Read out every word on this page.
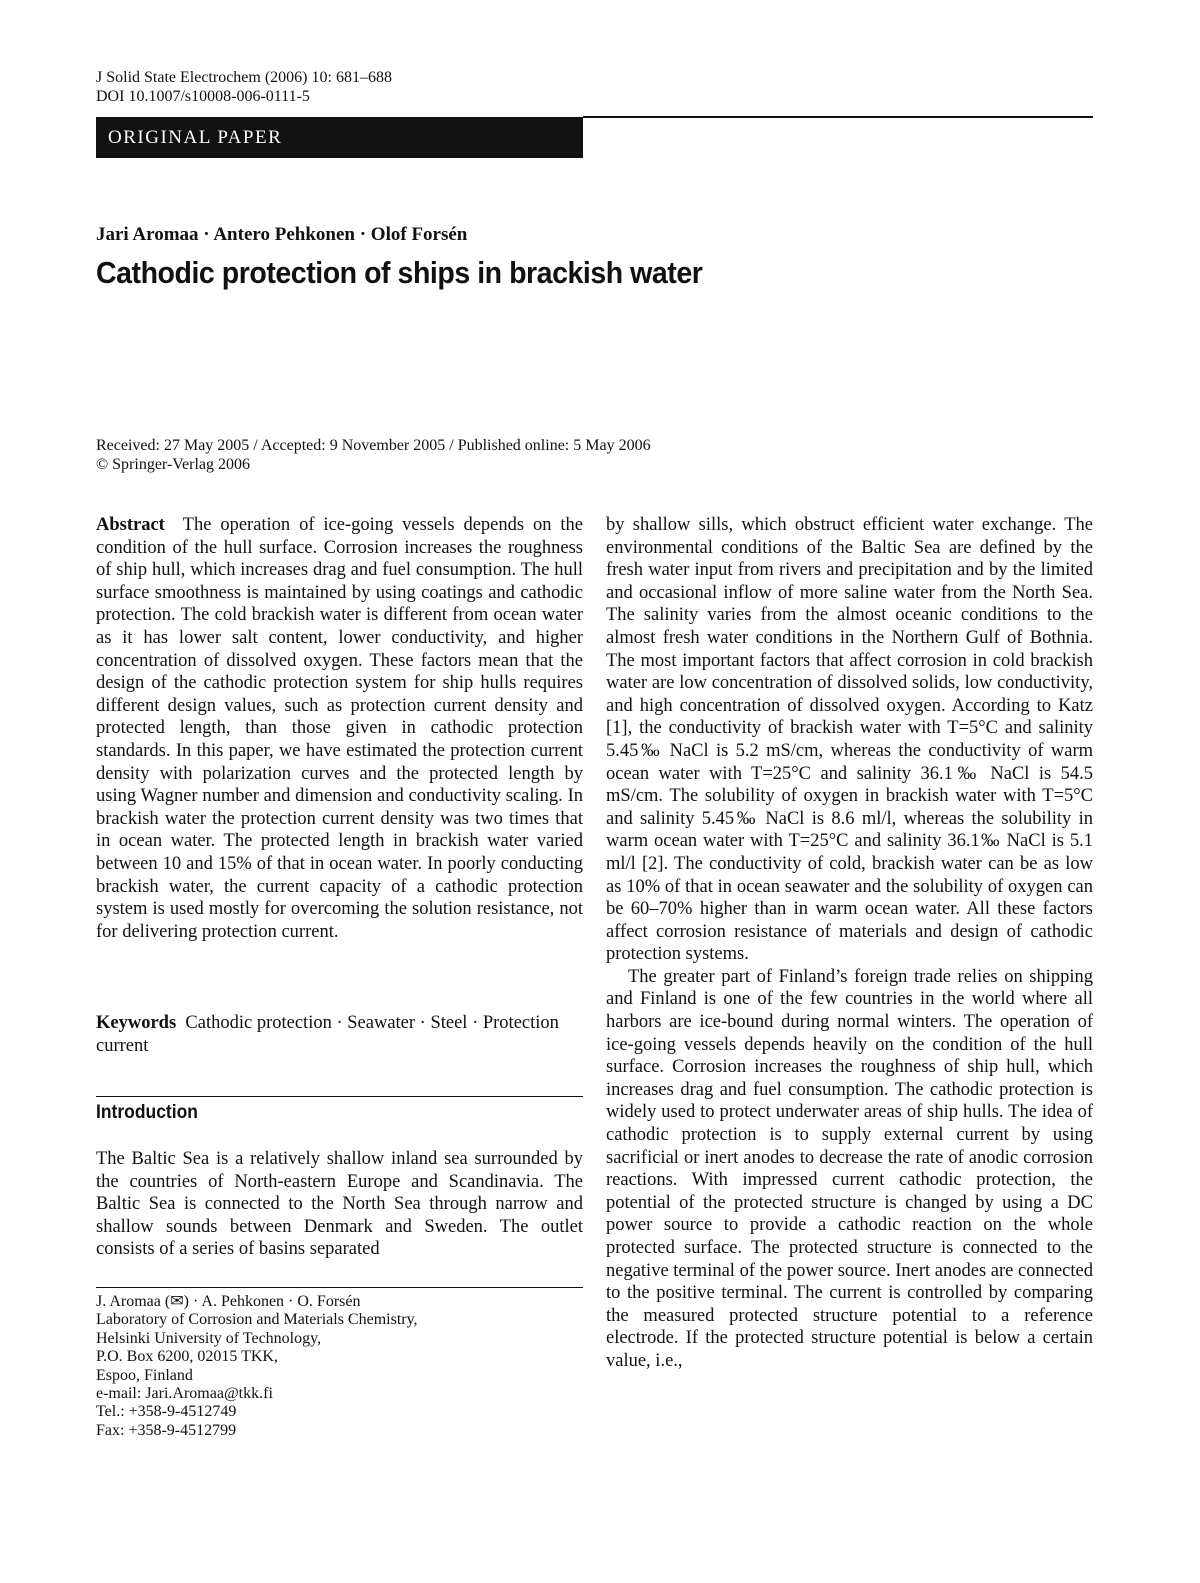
J Solid State Electrochem (2006) 10: 681–688
DOI 10.1007/s10008-006-0111-5
ORIGINAL PAPER
Jari Aromaa · Antero Pehkonen · Olof Forsén
Cathodic protection of ships in brackish water
Received: 27 May 2005 / Accepted: 9 November 2005 / Published online: 5 May 2006
© Springer-Verlag 2006

Abstract The operation of ice-going vessels depends on the condition of the hull surface. Corrosion increases the roughness of ship hull, which increases drag and fuel consumption. The hull surface smoothness is maintained by using coatings and cathodic protection. The cold brackish water is different from ocean water as it has lower salt content, lower conductivity, and higher concentration of dissolved oxygen. These factors mean that the design of the cathodic protection system for ship hulls requires different design values, such as protection current density and protected length, than those given in cathodic protection standards. In this paper, we have estimated the protection current density with polarization curves and the protected length by using Wagner number and dimension and conductivity scaling. In brackish water the protection current density was two times that in ocean water. The protected length in brackish water varied between 10 and 15% of that in ocean water. In poorly conducting brackish water, the current capacity of a cathodic protection system is used mostly for overcoming the solution resistance, not for delivering protection current.

Keywords Cathodic protection · Seawater · Steel · Protection current

Introduction

The Baltic Sea is a relatively shallow inland sea surrounded by the countries of North-eastern Europe and Scandinavia. The Baltic Sea is connected to the North Sea through narrow and shallow sounds between Denmark and Sweden. The outlet consists of a series of basins separated

J. Aromaa (✉) · A. Pehkonen · O. Forsén
Laboratory of Corrosion and Materials Chemistry,
Helsinki University of Technology,
P.O. Box 6200, 02015 TKK,
Espoo, Finland
e-mail: Jari.Aromaa@tkk.fi
Tel.: +358-9-4512749
Fax: +358-9-4512799

by shallow sills, which obstruct efficient water exchange. The environmental conditions of the Baltic Sea are defined by the fresh water input from rivers and precipitation and by the limited and occasional inflow of more saline water from the North Sea. The salinity varies from the almost oceanic conditions to the almost fresh water conditions in the Northern Gulf of Bothnia. The most important factors that affect corrosion in cold brackish water are low concentration of dissolved solids, low conductivity, and high concentration of dissolved oxygen. According to Katz [1], the conductivity of brackish water with T=5°C and salinity 5.45‰ NaCl is 5.2 mS/cm, whereas the conductivity of warm ocean water with T=25°C and salinity 36.1‰ NaCl is 54.5 mS/cm. The solubility of oxygen in brackish water with T=5°C and salinity 5.45‰ NaCl is 8.6 ml/l, whereas the solubility in warm ocean water with T=25°C and salinity 36.1‰ NaCl is 5.1 ml/l [2]. The conductivity of cold, brackish water can be as low as 10% of that in ocean seawater and the solubility of oxygen can be 60–70% higher than in warm ocean water. All these factors affect corrosion resistance of materials and design of cathodic protection systems.

The greater part of Finland’s foreign trade relies on shipping and Finland is one of the few countries in the world where all harbors are ice-bound during normal winters. The operation of ice-going vessels depends heavily on the condition of the hull surface. Corrosion increases the roughness of ship hull, which increases drag and fuel consumption. The cathodic protection is widely used to protect underwater areas of ship hulls. The idea of cathodic protection is to supply external current by using sacrificial or inert anodes to decrease the rate of anodic corrosion reactions. With impressed current cathodic protection, the potential of the protected structure is changed by using a DC power source to provide a cathodic reaction on the whole protected surface. The protected structure is connected to the negative terminal of the power source. Inert anodes are connected to the positive terminal. The current is controlled by comparing the measured protected structure potential to a reference electrode. If the protected structure potential is below a certain value, i.e.,
